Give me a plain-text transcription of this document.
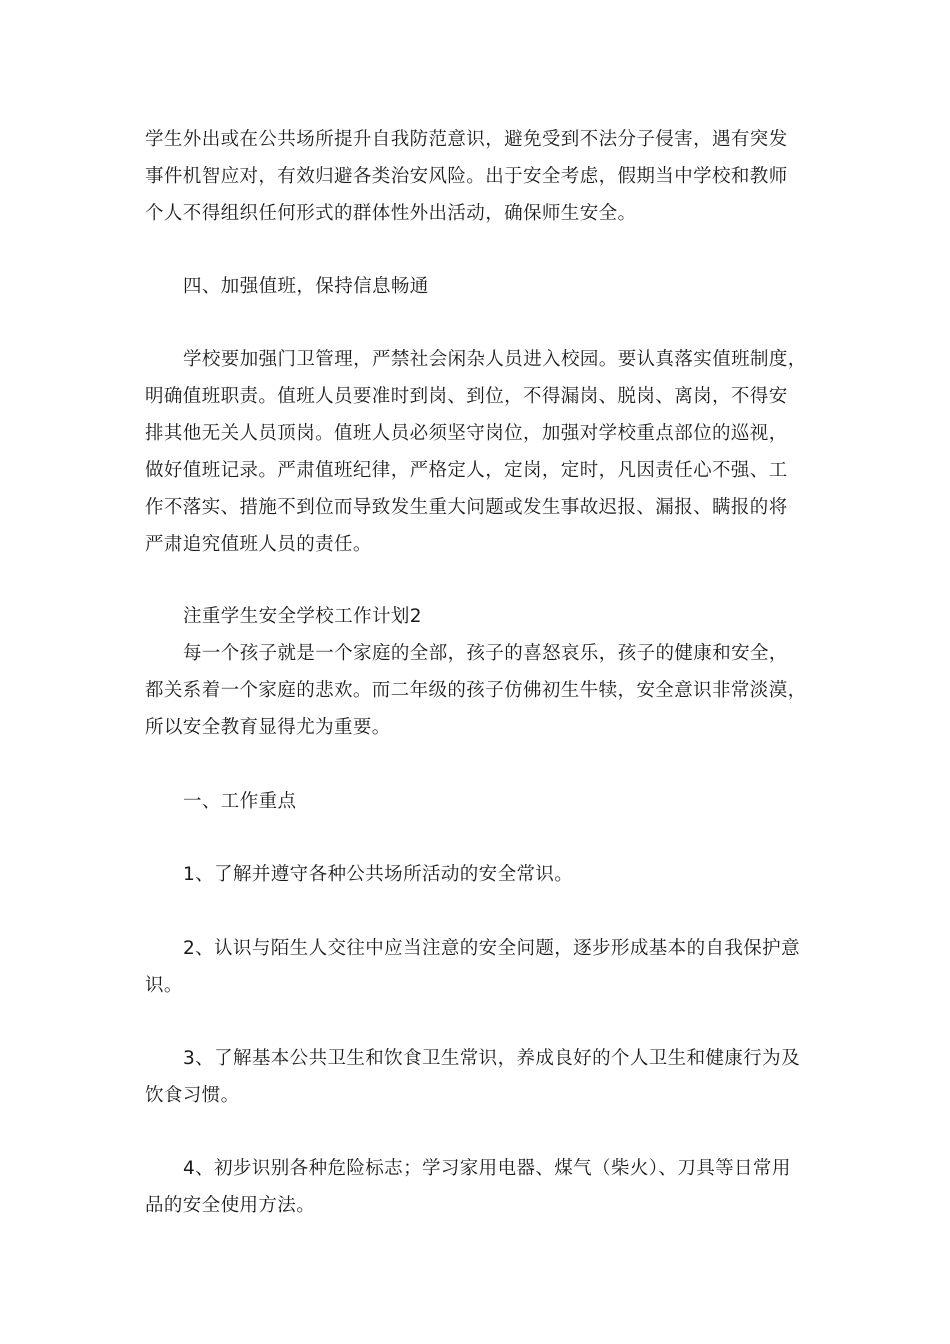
学生外出或在公共场所提升自我防范意识，避免受到不法分子侵害，遇有突发
事件机智应对，有效归避各类治安风险。出于安全考虑，假期当中学校和教师
个人不得组织任何形式的群体性外出活动，确保师生安全。
四、加强值班，保持信息畅通
学校要加强门卫管理，严禁社会闲杂人员进入校园。要认真落实值班制度，
明确值班职责。值班人员要准时到岗、到位，不得漏岗、脱岗、离岗，不得安
排其他无关人员顶岗。值班人员必须坚守岗位，加强对学校重点部位的巡视，
做好值班记录。严肃值班纪律，严格定人，定岗，定时，凡因责任心不强、工
作不落实、措施不到位而导致发生重大问题或发生事故迟报、漏报、瞒报的将
严肃追究值班人员的责任。
注重学生安全学校工作计划2
每一个孩子就是一个家庭的全部，孩子的喜怒哀乐，孩子的健康和安全，
都关系着一个家庭的悲欢。而二年级的孩子仿佛初生牛犊，安全意识非常淡漠，
所以安全教育显得尤为重要。
一、工作重点
1、了解并遵守各种公共场所活动的安全常识。
2、认识与陌生人交往中应当注意的安全问题，逐步形成基本的自我保护意
识。
3、了解基本公共卫生和饮食卫生常识，养成良好的个人卫生和健康行为及
饮食习惯。
4、初步识别各种危险标志；学习家用电器、煤气（柴火）、刀具等日常用
品的安全使用方法。
